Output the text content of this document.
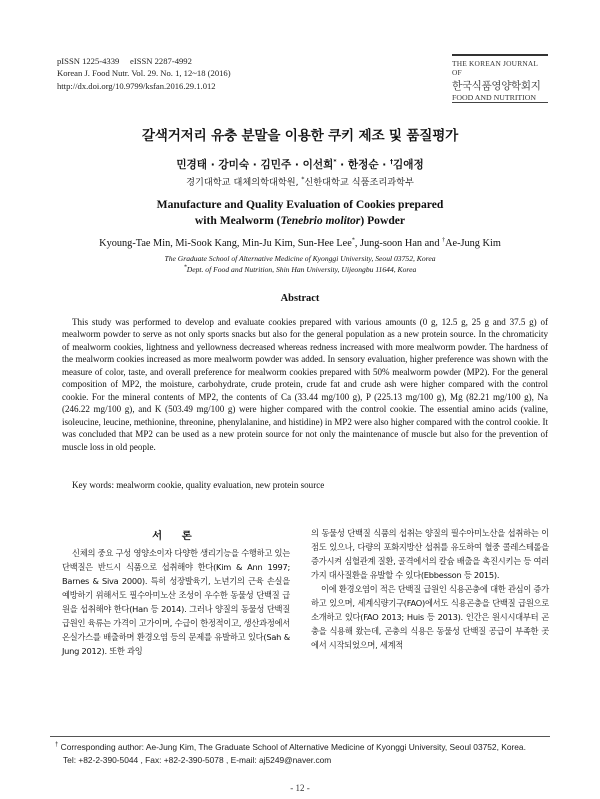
pISSN 1225-4339     eISSN 2287-4992
Korean J. Food Nutr. Vol. 29. No. 1, 12~18 (2016)
http://dx.doi.org/10.9799/ksfan.2016.29.1.012
THE KOREAN JOURNAL OF
한국식품영양학회지
FOOD AND NUTRITION
갈색거저리 유충 분말을 이용한 쿠키 제조 및 품질평가
민경태 · 강미숙 · 김민주 · 이선희* · 한정순 · †김애정
경기대학교 대체의학대학원, *신한대학교 식품조리과학부
Manufacture and Quality Evaluation of Cookies prepared
with Mealworm (Tenebrio molitor) Powder
Kyoung-Tae Min, Mi-Sook Kang, Min-Ju Kim, Sun-Hee Lee*, Jung-soon Han and †Ae-Jung Kim
The Graduate School of Alternative Medicine of Kyonggi University, Seoul 03752, Korea
*Dept. of Food and Nutrition, Shin Han University, Uijeongbu 11644, Korea
Abstract

This study was performed to develop and evaluate cookies prepared with various amounts (0 g, 12.5 g, 25 g and 37.5 g) of mealworm powder to serve as not only sports snacks but also for the general population as a new protein source. In the chromaticity of mealworm cookies, lightness and yellowness decreased whereas redness increased with more mealworm powder. The hardness of the mealworm cookies increased as more mealworm powder was added. In sensory evaluation, higher preference was shown with the measure of color, taste, and overall preference for mealworm cookies prepared with 50% mealworm powder (MP2). For the general composition of MP2, the moisture, carbohydrate, crude protein, crude fat and crude ash were higher compared with the control cookie. For the mineral contents of MP2, the contents of Ca (33.44 mg/100 g), P (225.13 mg/100 g), Mg (82.21 mg/100 g), Na (246.22 mg/100 g), and K (503.49 mg/100 g) were higher compared with the control cookie. The essential amino acids (valine, isoleucine, leucine, methionine, threonine, phenylalanine, and histidine) in MP2 were also higher compared with the control cookie. It was concluded that MP2 can be used as a new protein source for not only the maintenance of muscle but also for the prevention of muscle loss in old people.

Key words: mealworm cookie, quality evaluation, new protein source
서 론

신체의 중요 구성 영양소이자 다양한 생리기능을 수행하고 있는 단백질은 반드시 식품으로 섭취해야 한다(Kim & Ann 1997; Barnes & Siva 2000). 특히 성장발육기, 노년기의 근육 손실을 예방하기 위해서도 필수아미노산 조성이 우수한 동물성 단백질 급원을 섭취해야 한다(Han 등 2014). 그러나 양질의 동물성 단백질 급원인 육류는 가격이 고가이며, 수급이 한정적이고, 생산과정에서 온실가스를 배출하며 환경오염 등의 문제를 유발하고 있다(Sah & Jung 2012). 또한 과잉

의 동물성 단백질 식품의 섭취는 양질의 필수아미노산을 섭취하는 이점도 있으나, 다량의 포화지방산 섭취를 유도하여 혈중 콜레스테롤을 증가시켜 심혈관계 질환, 골격에서의 칼슘 배출을 촉진시키는 등 여러 가지 대사질환을 유발할 수 있다(Ebbesson 등 2015).

이에 환경오염이 적은 단백질 급원인 식용곤충에 대한 관심이 증가하고 있으며, 세계식량기구(FAO)에서도 식용곤충을 단백질 급원으로 소개하고 있다(FAO 2013; Huis 등 2013). 인간은 원시시대부터 곤충을 식용해 왔는데, 곤충의 식용은 동물성 단백질 공급이 부족한 곳에서 시작되었으며, 세계적

† Corresponding author: Ae-Jung Kim, The Graduate School of Alternative Medicine of Kyonggi University, Seoul 03752, Korea.
Tel: +82-2-390-5044 , Fax: +82-2-390-5078 , E-mail: aj5249@naver.com
- 12 -
